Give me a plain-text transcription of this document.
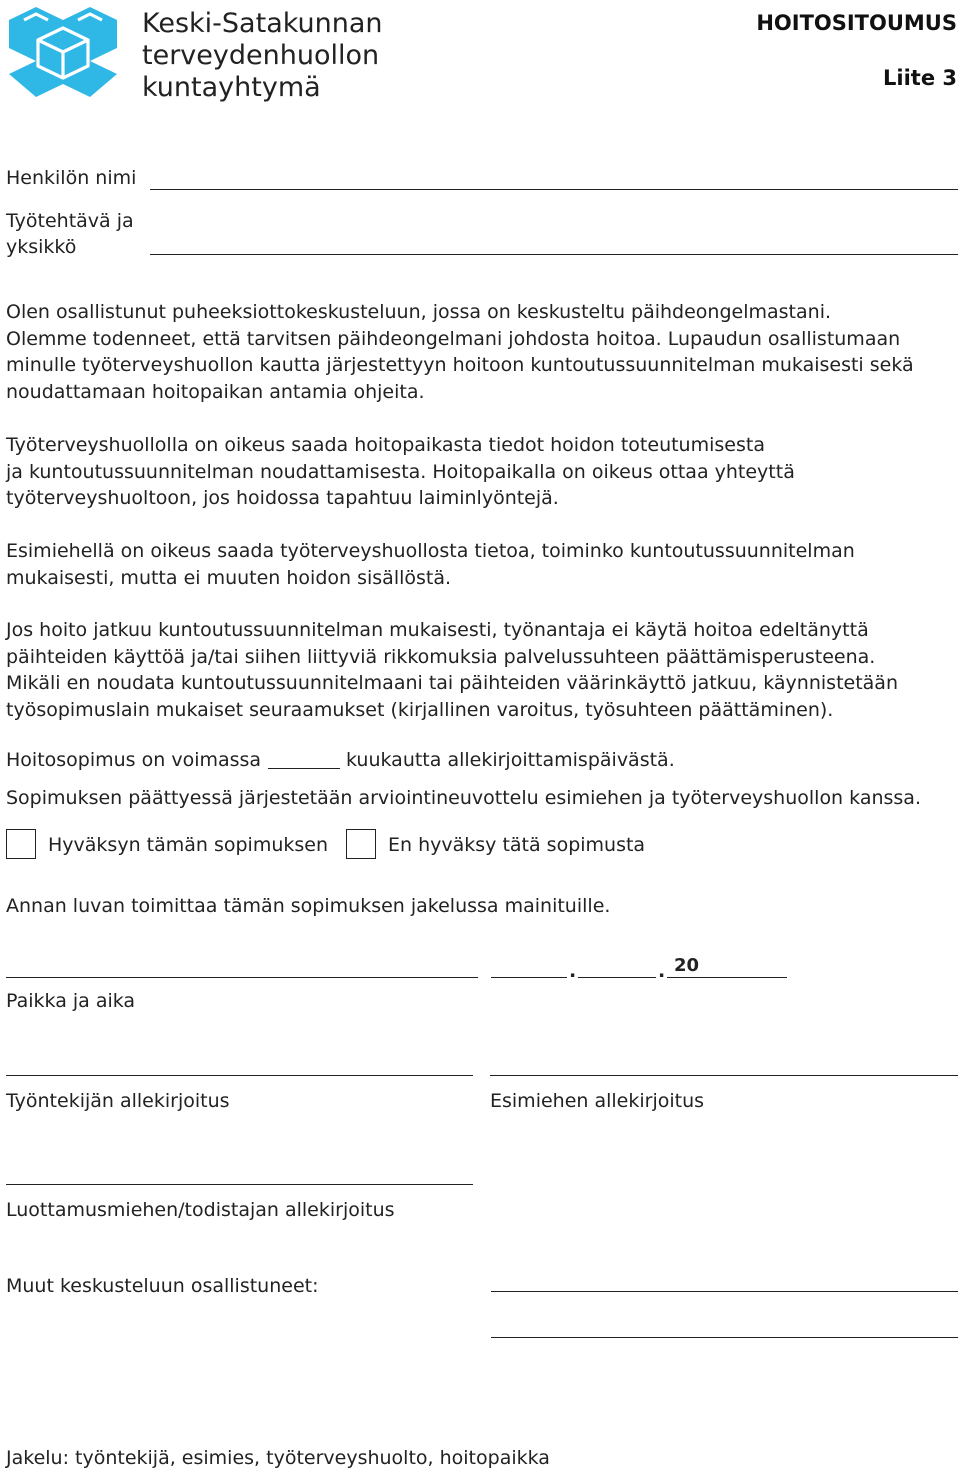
Keski-Satakunnan
terveydenhuollon
kuntayhtymä
HOITOSITOUMUS
Liite 3
Henkilön nimi
Työtehtävä ja
yksikkö
Olen osallistunut puheeksiottokeskusteluun, jossa on keskusteltu päihdeongelmastani.
Olemme todenneet, että tarvitsen päihdeongelmani johdosta hoitoa. Lupaudun osallistumaan
minulle työterveyshuollon kautta järjestettyyn hoitoon kuntoutussuunnitelman mukaisesti sekä
noudattamaan hoitopaikan antamia ohjeita.
Työterveyshuollolla on oikeus saada hoitopaikasta tiedot hoidon toteutumisesta
ja kuntoutussuunnitelman noudattamisesta. Hoitopaikalla on oikeus ottaa yhteyttä
työterveyshuoltoon, jos hoidossa tapahtuu laiminlyöntejä.
Esimiehellä on oikeus saada työterveyshuollosta tietoa, toiminko kuntoutussuunnitelman
mukaisesti, mutta ei muuten hoidon sisällöstä.
Jos hoito jatkuu kuntoutussuunnitelman mukaisesti, työnantaja ei käytä hoitoa edeltänyttä
päihteiden käyttöä ja/tai siihen liittyviä rikkomuksia palvelussuhteen päättämisperusteena.
Mikäli en noudata kuntoutussuunnitelmaani tai päihteiden väärinkäyttö jatkuu, käynnistetään
työsopimuslain mukaiset seuraamukset (kirjallinen varoitus, työsuhteen päättäminen).
Hoitosopimus on voimassa	kuukautta allekirjoittamispäivästä.
Sopimuksen päättyessä järjestetään arviointineuvottelu esimiehen ja työterveyshuollon kanssa.
Hyväksyn tämän sopimuksen	En hyväksy tätä sopimusta
Annan luvan toimittaa tämän sopimuksen jakelussa mainituille.
.	. 20
Paikka ja aika
Työntekijän allekirjoitus	Esimiehen allekirjoitus
Luottamusmiehen/todistajan allekirjoitus
Muut keskusteluun osallistuneet:
Jakelu: työntekijä, esimies, työterveyshuolto, hoitopaikka
